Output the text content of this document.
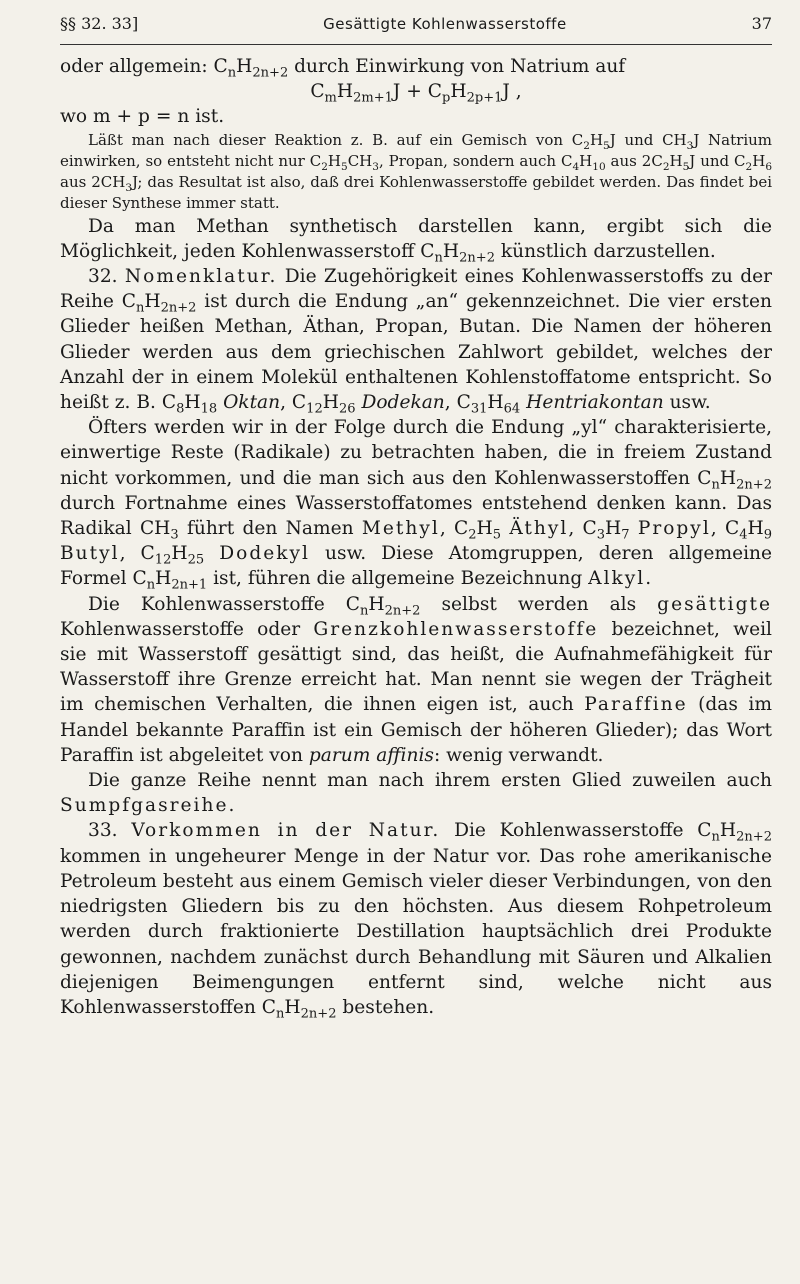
§§ 32. 33]	Gesättigte Kohlenwasserstoffe	37

oder allgemein: $C_nH_{2n+2}$ durch Einwirkung von Natrium auf

$C_mH_{2m+1}J + C_pH_{2p+1}J$ ,

wo m + p = n ist.

Läßt man nach dieser Reaktion z. B. auf ein Gemisch von $C_2H_5J$ und $CH_3J$ Natrium einwirken, so entsteht nicht nur $C_2H_5CH_3$, Propan, sondern auch $C_4H_{10}$ aus $2C_2H_5J$ und $C_2H_6$ aus $2CH_3J$; das Resultat ist also, daß drei Kohlenwasserstoffe gebildet werden. Das findet bei dieser Synthese immer statt.

Da man Methan synthetisch darstellen kann, ergibt sich die Möglichkeit, jeden Kohlenwasserstoff $C_nH_{2n+2}$ künstlich darzustellen.

32. Nomenklatur. Die Zugehörigkeit eines Kohlenwasserstoffs zu der Reihe $C_nH_{2n+2}$ ist durch die Endung „an“ gekennzeichnet. Die vier ersten Glieder heißen Methan, Äthan, Propan, Butan. Die Namen der höheren Glieder werden aus dem griechischen Zahlwort gebildet, welches der Anzahl der in einem Molekül enthaltenen Kohlenstoffatome entspricht. So heißt z. B. $C_8H_{18}$ Oktan, $C_{12}H_{26}$ Dodekan, $C_{31}H_{64}$ Hentriakontan usw.

Öfters werden wir in der Folge durch die Endung „yl“ charakterisierte, einwertige Reste (Radikale) zu betrachten haben, die in freiem Zustand nicht vorkommen, und die man sich aus den Kohlenwasserstoffen $C_nH_{2n+2}$ durch Fortnahme eines Wasserstoffatomes entstehend denken kann. Das Radikal $CH_3$ führt den Namen Methyl, $C_2H_5$ Äthyl, $C_3H_7$ Propyl, $C_4H_9$ Butyl, $C_{12}H_{25}$ Dodekyl usw. Diese Atomgruppen, deren allgemeine Formel $C_nH_{2n+1}$ ist, führen die allgemeine Bezeichnung Alkyl.

Die Kohlenwasserstoffe $C_nH_{2n+2}$ selbst werden als gesättigte Kohlenwasserstoffe oder Grenzkohlenwasserstoffe bezeichnet, weil sie mit Wasserstoff gesättigt sind, das heißt, die Aufnahmefähigkeit für Wasserstoff ihre Grenze erreicht hat. Man nennt sie wegen der Trägheit im chemischen Verhalten, die ihnen eigen ist, auch Paraffine (das im Handel bekannte Paraffin ist ein Gemisch der höheren Glieder); das Wort Paraffin ist abgeleitet von parum affinis: wenig verwandt.

Die ganze Reihe nennt man nach ihrem ersten Glied zuweilen auch Sumpfgasreihe.

33. Vorkommen in der Natur. Die Kohlenwasserstoffe $C_nH_{2n+2}$ kommen in ungeheurer Menge in der Natur vor. Das rohe amerikanische Petroleum besteht aus einem Gemisch vieler dieser Verbindungen, von den niedrigsten Gliedern bis zu den höchsten. Aus diesem Rohpetroleum werden durch fraktionierte Destillation hauptsächlich drei Produkte gewonnen, nachdem zunächst durch Behandlung mit Säuren und Alkalien diejenigen Beimengungen entfernt sind, welche nicht aus Kohlenwasserstoffen $C_nH_{2n+2}$ bestehen.
